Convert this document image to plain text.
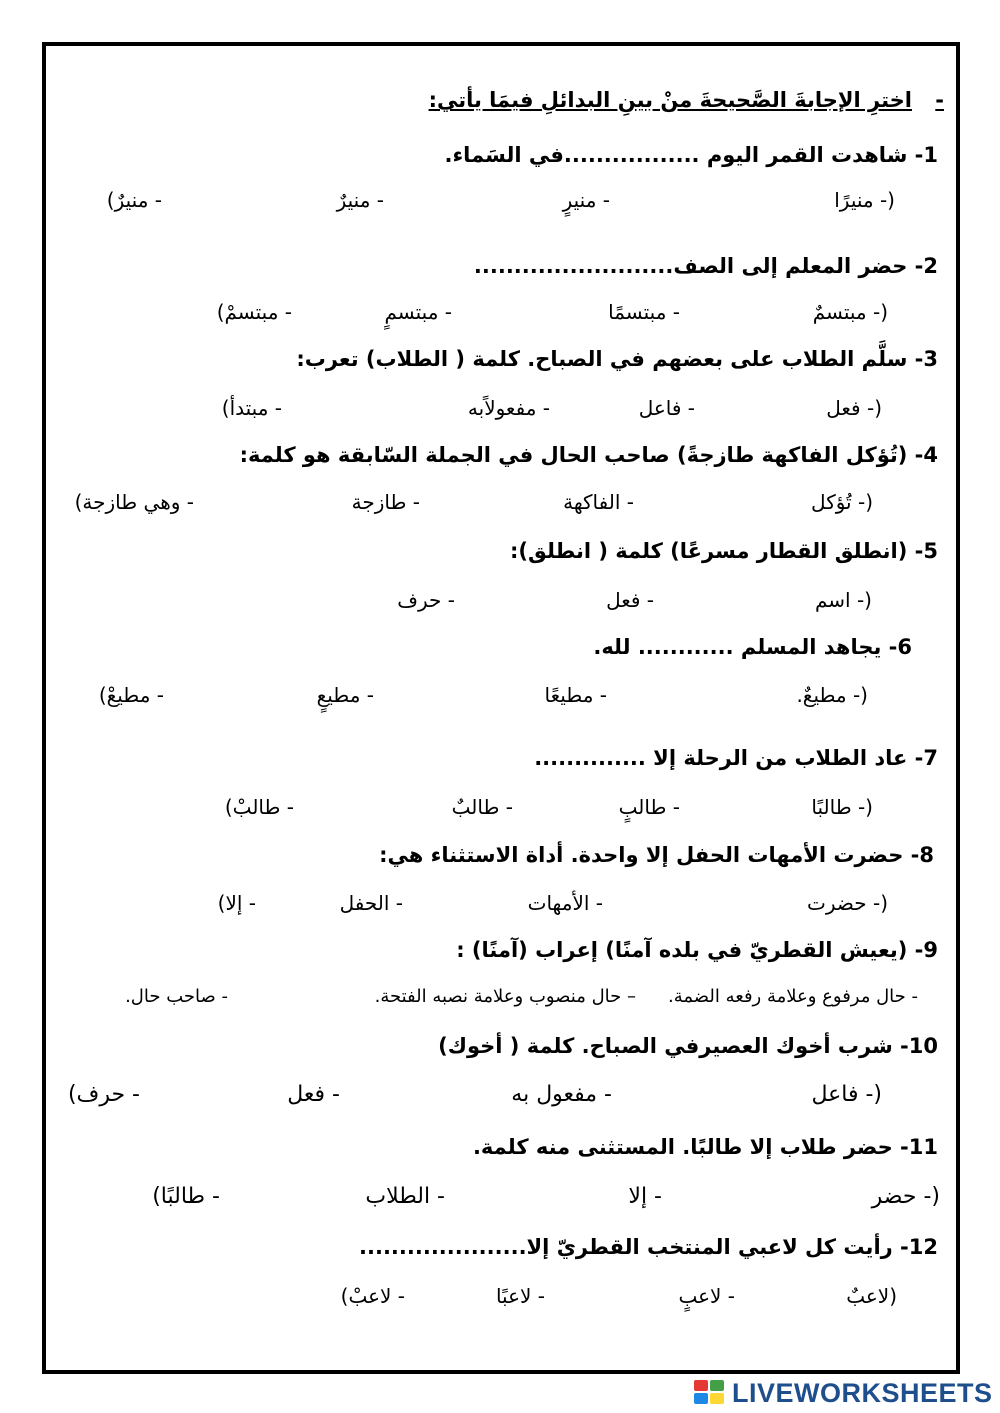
-
اخترِ الإجابةَ الصَّحيحةَ منْ بينِ البدائلِ فيمَا يأتي:
1- شاهدت القمر اليوم .................في السَماء.
(- منيرًا
- منيرٍ
- منيرٌ
- منيرٌ)
2- حضر المعلم إلى الصف.........................
(- مبتسمٌ
- مبتسمًا
- مبتسمٍ
- مبتسمْ)
3- سلَّم الطلاب على بعضهم في الصباح. كلمة ( الطلاب) تعرب:
(- فعل
- فاعل
- مفعولاًبه
- مبتدأ)
4- (تُؤكل الفاكهة طازجةً) صاحب الحال في الجملة السّابقة هو كلمة:
(- تُؤكل
- الفاكهة
- طازجة
- وهي طازجة)
5- (انطلق القطار مسرعًا) كلمة ( انطلق):
(- اسم
- فعل
- حرف
6- يجاهد المسلم ............ لله.
(- مطيعٌ.
- مطيعًا
- مطيعٍ
- مطيعْ)
7- عاد الطلاب من الرحلة إلا ..............
(- طالبًا
- طالبٍ
- طالبٌ
- طالبْ)
8- حضرت الأمهات الحفل إلا واحدة. أداة الاستثناء هي:
(- حضرت
- الأمهات
- الحفل
- إلا)
9- (يعيش القطريّ في بلده آمنًا) إعراب (آمنًا) :
- حال مرفوع وعلامة رفعه الضمة.
– حال منصوب وعلامة نصبه الفتحة.
- صاحب حال.
10- شرب أخوك العصيرفي الصباح. كلمة ( أخوك)
(- فاعل
- مفعول به
- فعل
- حرف)
11- حضر طلاب إلا طالبًا. المستثنى منه كلمة.
(- حضر
- إلا
- الطلاب
- طالبًا)
12- رأيت كل لاعبي المنتخب القطريّ إلا.....................
(لاعبٌ
- لاعبٍ
- لاعبًا
- لاعبْ)
LIVEWORKSHEETS
